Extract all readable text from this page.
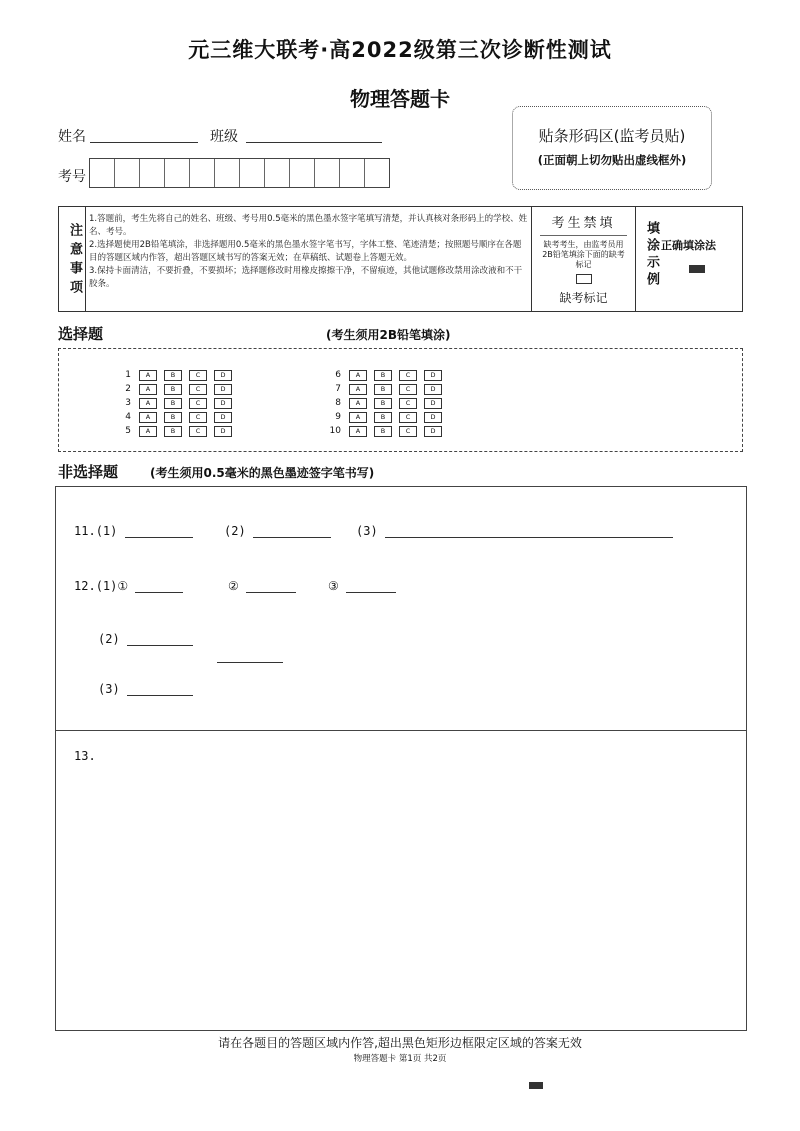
元三维大联考·高2022级第三次诊断性测试
物理答题卡
姓名	班级
考号
贴条形码区(监考员贴)
(正面朝上切勿贴出虚线框外)
注意事项
1.答题前，考生先将自己的姓名、班级、考号用0.5毫米的黑色墨水签字笔填写清楚，并认真核对条形码上的学校、姓名、考号。
2.选择题使用2B铅笔填涂，非选择题用0.5毫米的黑色墨水签字笔书写，字体工整、笔迹清楚；按照题号顺序在各题目的答题区域内作答，超出答题区域书写的答案无效；在草稿纸、试题卷上答题无效。
3.保持卡面清洁，不要折叠，不要损坏；选择题修改时用橡皮擦擦干净，不留痕迹，其他试题修改禁用涂改液和不干胶条。
考生禁填
缺考考生，由监考员用2B铅笔填涂下面的缺考标记
缺考标记
填涂示例 正确填涂法
选择题	(考生须用2B铅笔填涂)
1	A	B	C	D
2	A	B	C	D
3	A	B	C	D
4	A	B	C	D
5	A	B	C	D
6	A	B	C	D
7	A	B	C	D
8	A	B	C	D
9	A	B	C	D
10	A	B	C	D
非选择题	(考生须用0.5毫米的黑色墨迹签字笔书写)
11.(1)	(2)	(3)
12.(1)①	②	③
(2)
(3)
13.
请在各题目的答题区域内作答,超出黑色矩形边框限定区域的答案无效
物理答题卡 第1页 共2页
